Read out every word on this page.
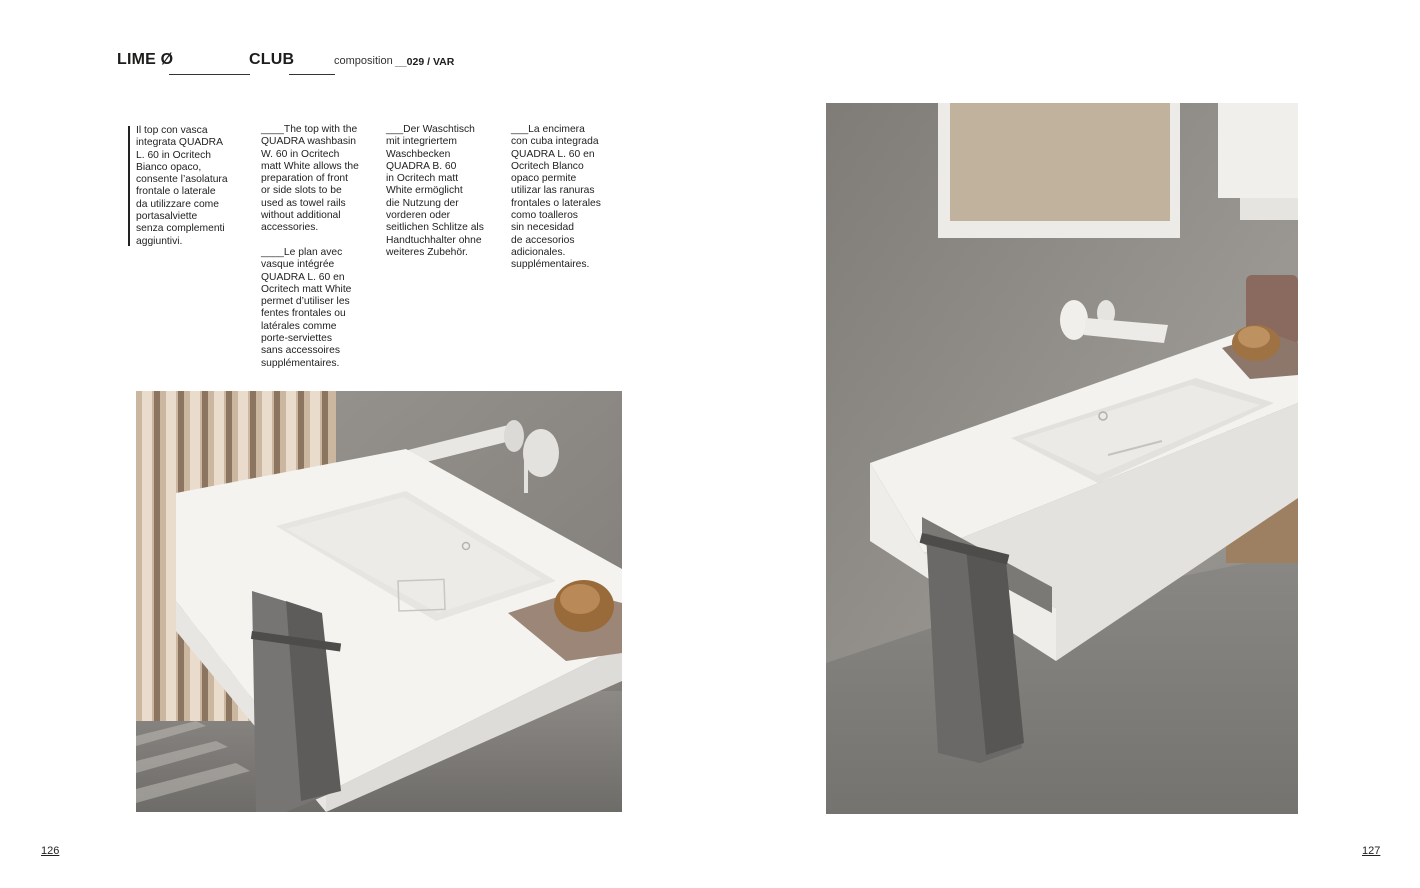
LIME Ø	CLUB	composition __029 / VAR
Il top con vasca
integrata QUADRA
L. 60 in Ocritech
Bianco opaco,
consente l’asolatura
frontale o laterale
da utilizzare come
portasalviette
senza complementi
aggiuntivi.
____The top with the
QUADRA washbasin
W. 60 in Ocritech
matt White allows the
preparation of front
or side slots to be
used as towel rails
without additional
accessories.
____Le plan avec
vasque intégrée
QUADRA L. 60 en
Ocritech matt White
permet d’utiliser les
fentes frontales ou
latérales comme
porte-serviettes
sans accessoires
supplémentaires.
___Der Waschtisch
mit integriertem
Waschbecken
QUADRA B. 60
in Ocritech matt
White ermöglicht
die Nutzung der
vorderen oder
seitlichen Schlitze als
Handtuchhalter ohne
weiteres Zubehör.
___La encimera
con cuba integrada
QUADRA L. 60 en
Ocritech Blanco
opaco permite
utilizar las ranuras
frontales o laterales
como toalleros
sin necesidad
de accesorios
adicionales.
supplémentaires.
126	127
